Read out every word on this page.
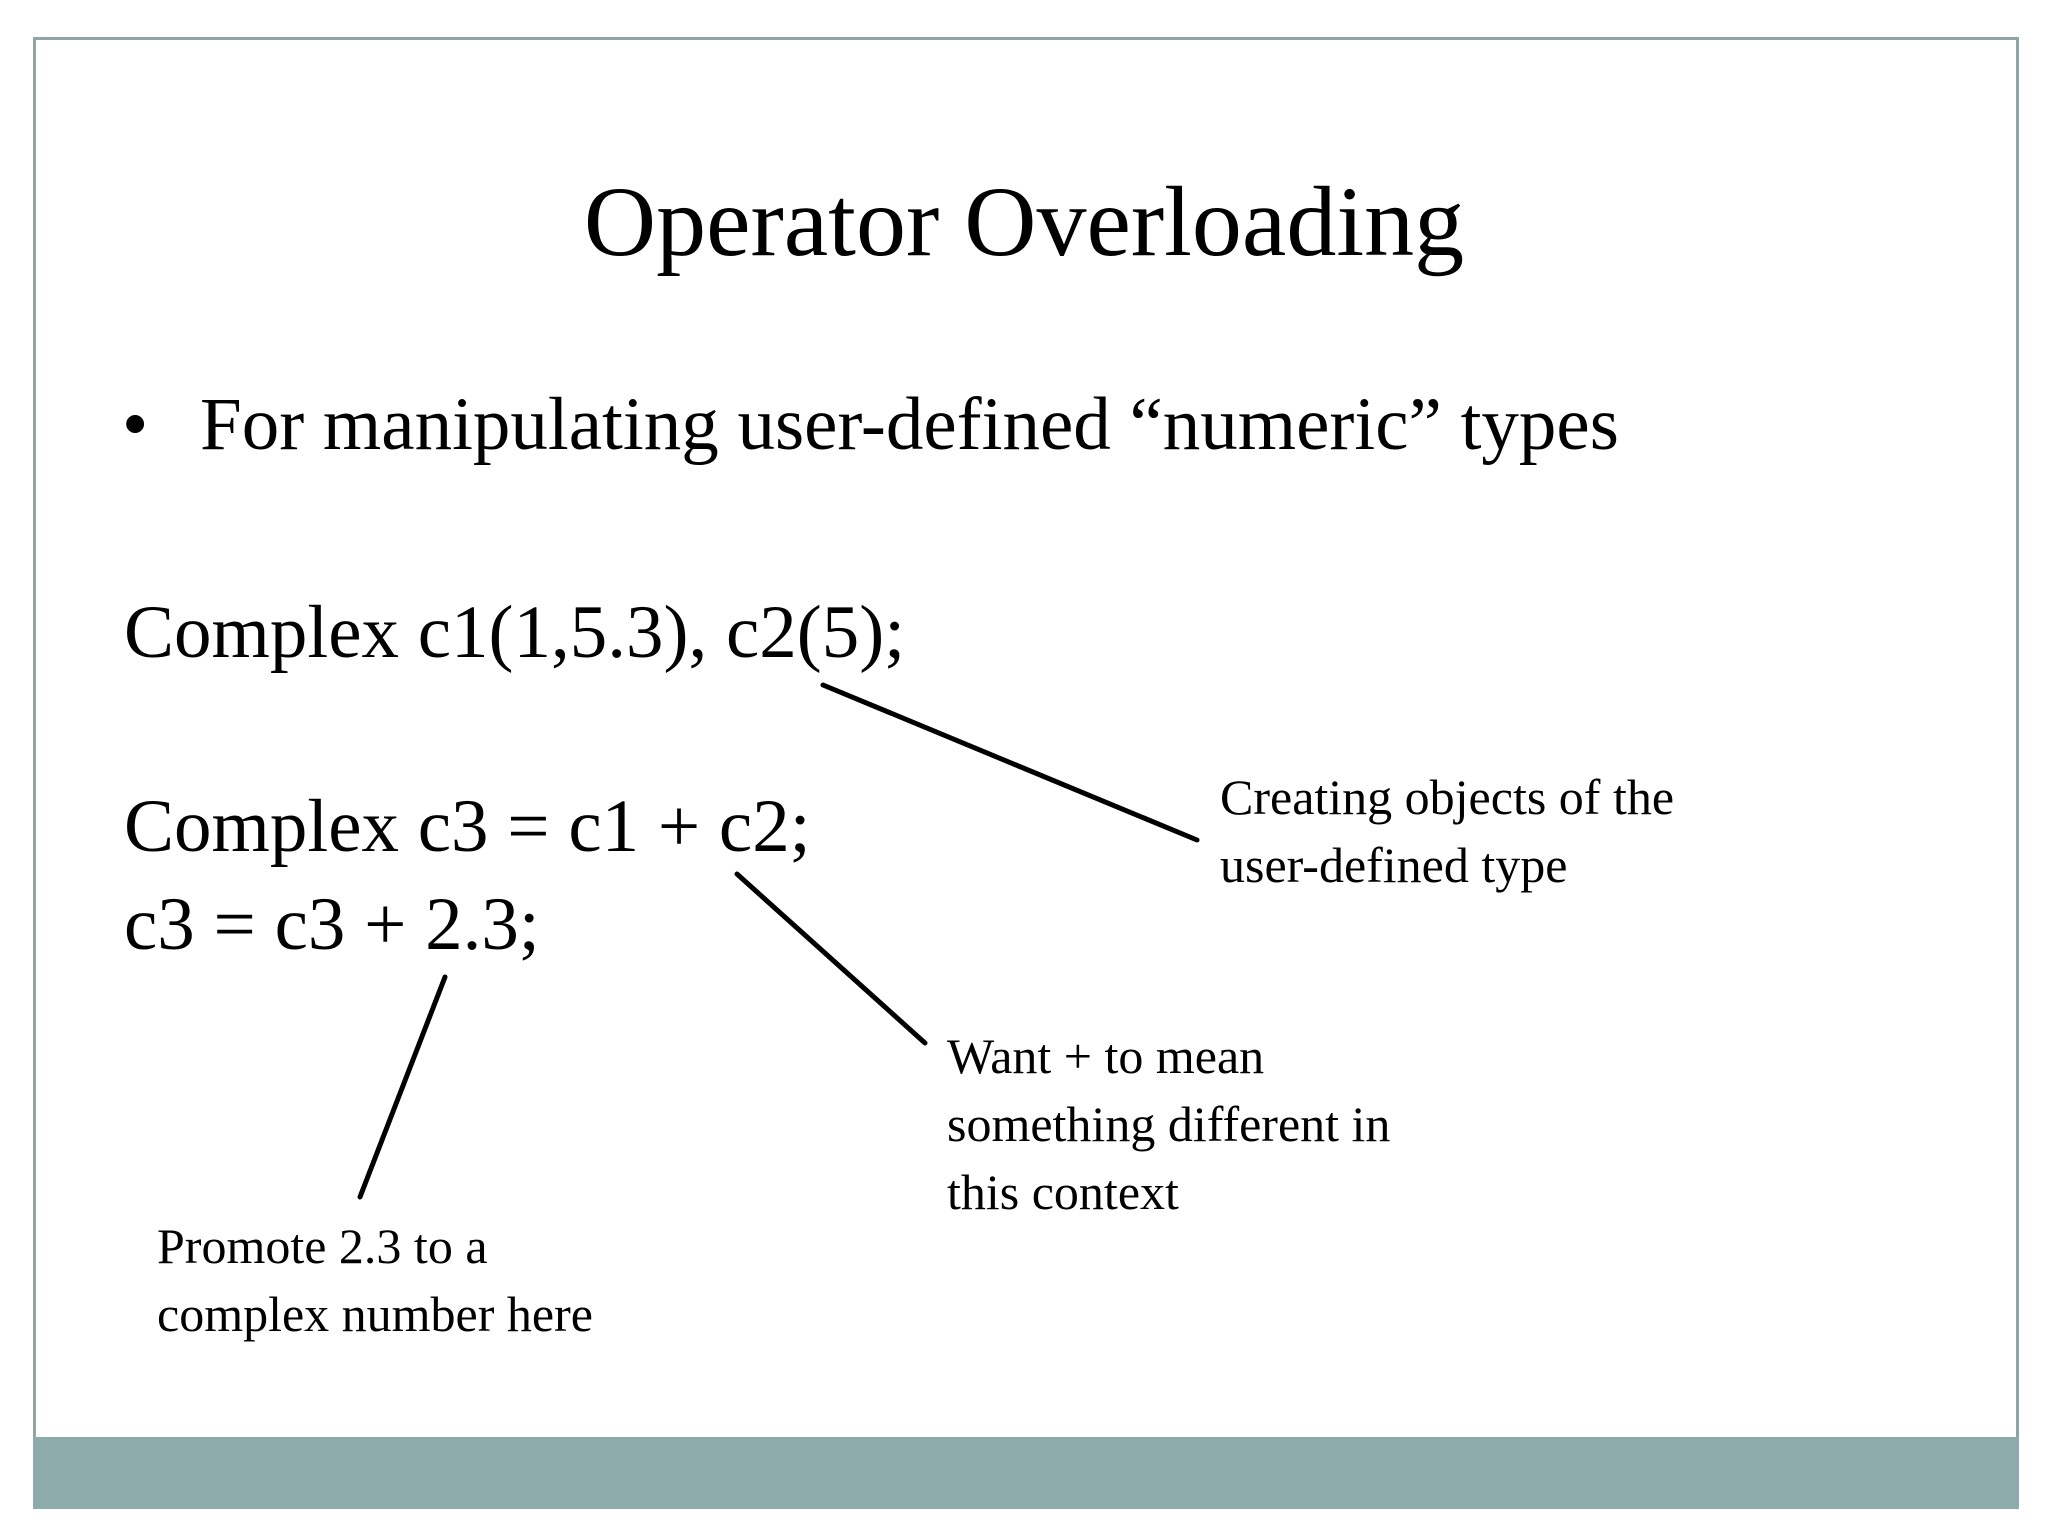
Operator Overloading
• For manipulating user-defined “numeric” types
Complex c1(1,5.3), c2(5);
Complex c3 = c1 + c2;
c3 = c3 + 2.3;
Creating objects of the
user-defined type
Want + to mean
something different in
this context
Promote 2.3 to a
complex number here
